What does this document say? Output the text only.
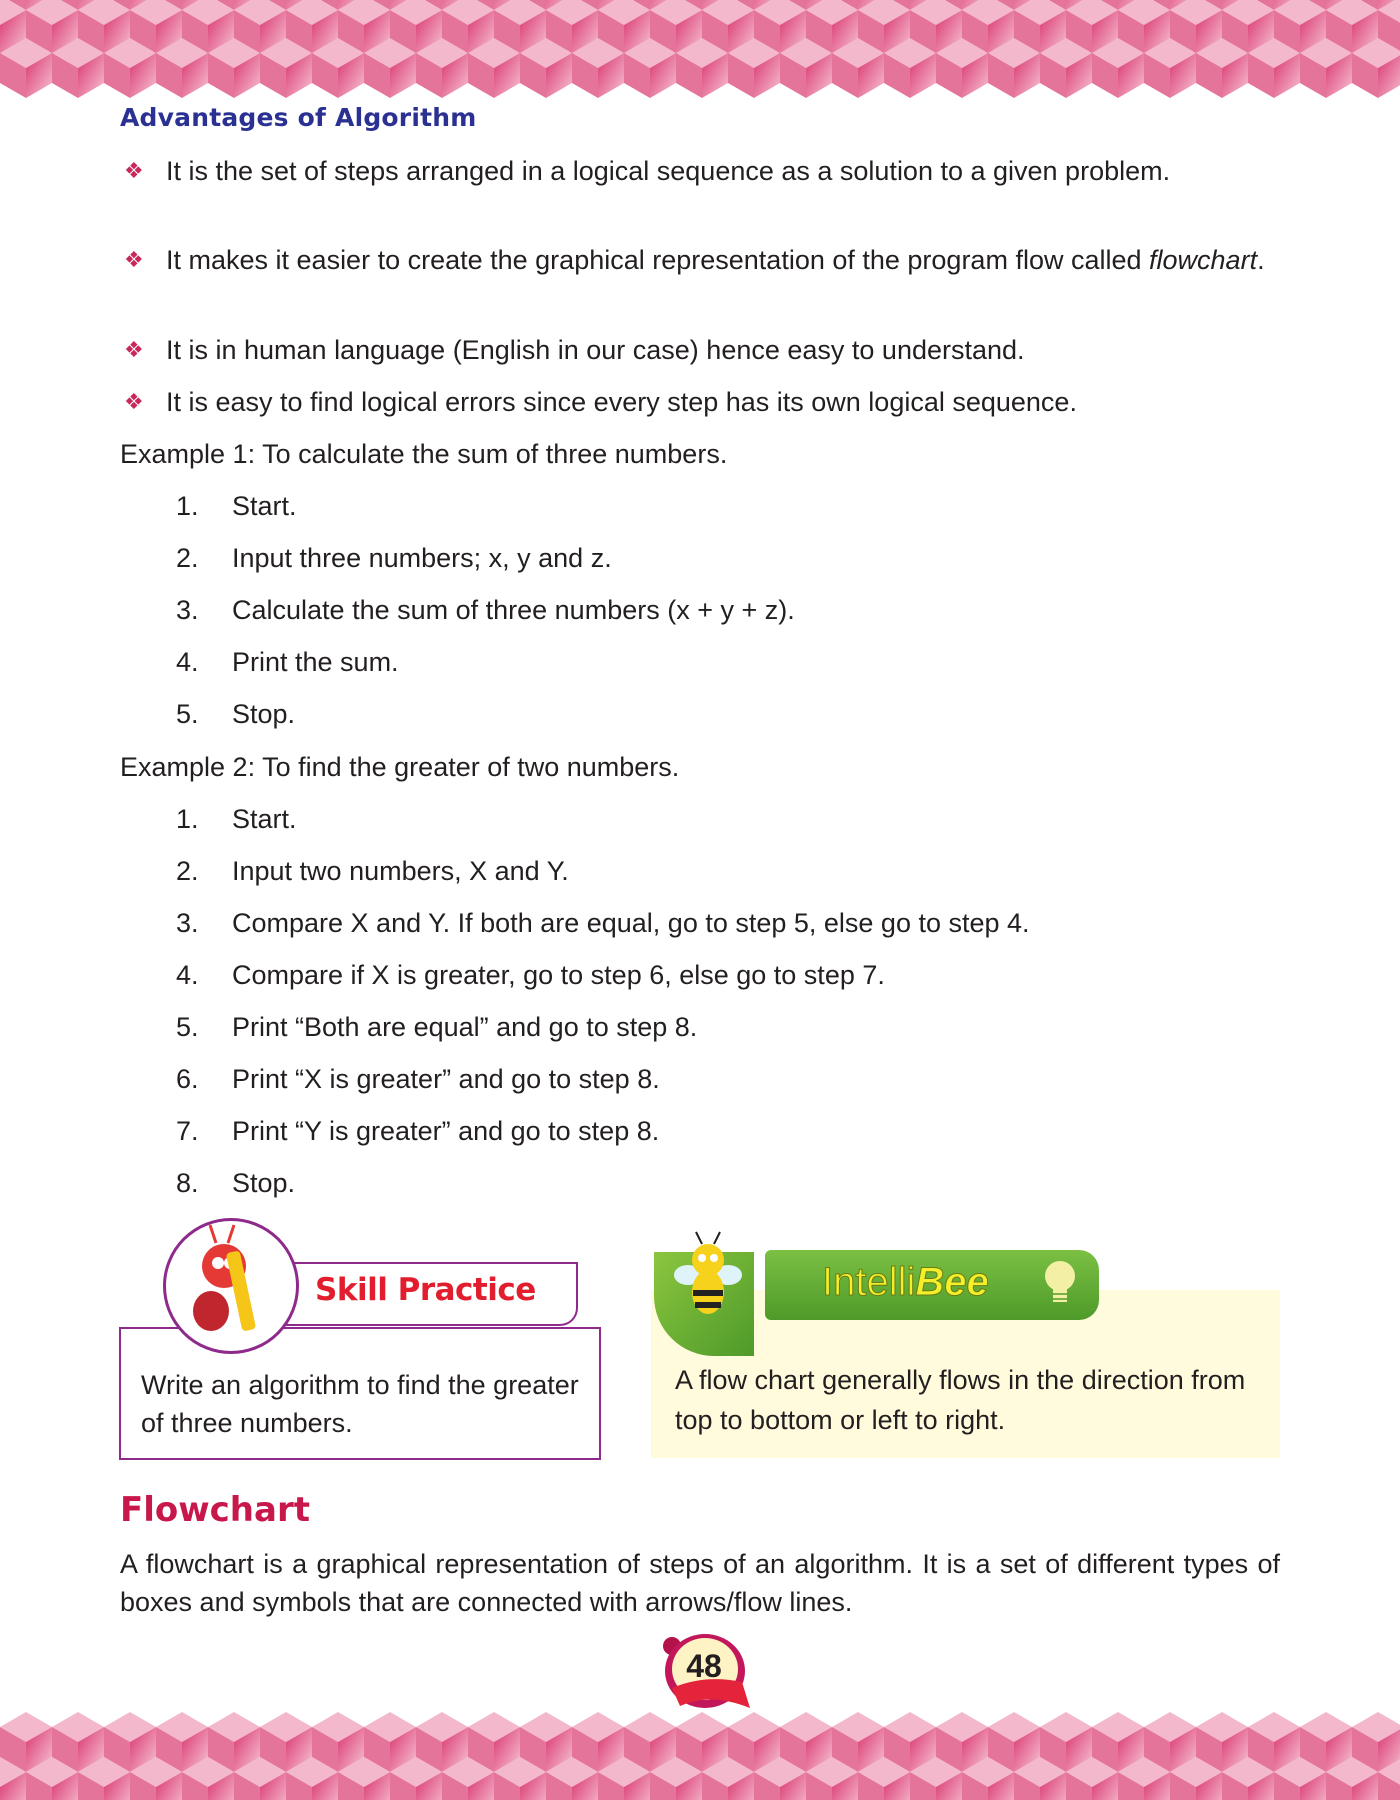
Advantages of Algorithm
❖ It is the set of steps arranged in a logical sequence as a solution to a given problem.
❖ It makes it easier to create the graphical representation of the program flow called flowchart.
❖ It is in human language (English in our case) hence easy to understand.
❖ It is easy to find logical errors since every step has its own logical sequence.
Example 1: To calculate the sum of three numbers.
1. Start.
2. Input three numbers; x, y and z.
3. Calculate the sum of three numbers (x + y + z).
4. Print the sum.
5. Stop.
Example 2: To find the greater of two numbers.
1. Start.
2. Input two numbers, X and Y.
3. Compare X and Y. If both are equal, go to step 5, else go to step 4.
4. Compare if X is greater, go to step 6, else go to step 7.
5. Print “Both are equal” and go to step 8.
6. Print “X is greater” and go to step 8.
7. Print “Y is greater” and go to step 8.
8. Stop.
Skill Practice
Write an algorithm to find the greater of three numbers.
IntelliBee
A flow chart generally flows in the direction from top to bottom or left to right.
Flowchart
A flowchart is a graphical representation of steps of an algorithm. It is a set of different types of boxes and symbols that are connected with arrows/flow lines.
48
